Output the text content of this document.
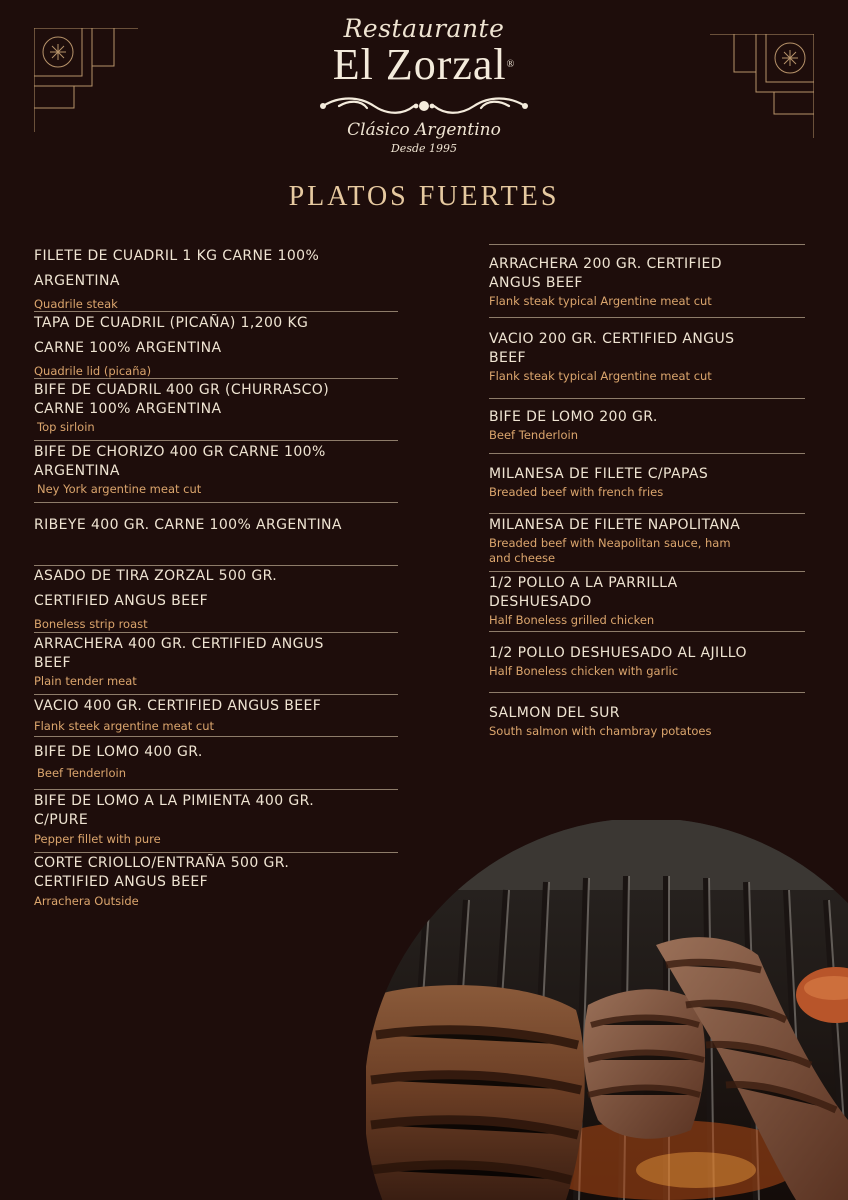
Restaurante
El Zorzal®
Clásico Argentino
Desde 1995
PLATOS FUERTES
FILETE DE CUADRIL 1 KG CARNE 100%
ARGENTINA
Quadrile steak
TAPA DE CUADRIL (PICAÑA) 1,200 KG
CARNE 100% ARGENTINA
Quadrile lid (picaña)
BIFE DE CUADRIL 400 GR (CHURRASCO)
CARNE 100% ARGENTINA
Top sirloin
BIFE DE CHORIZO 400 GR CARNE 100%
ARGENTINA
Ney York argentine meat cut
RIBEYE 400 GR. CARNE 100% ARGENTINA
ASADO DE TIRA ZORZAL 500 GR.
CERTIFIED ANGUS BEEF
Boneless strip roast
ARRACHERA 400 GR. CERTIFIED ANGUS
BEEF
Plain tender meat
VACIO 400 GR. CERTIFIED ANGUS BEEF
Flank steek argentine meat cut
BIFE DE LOMO 400 GR.
Beef Tenderloin
BIFE DE LOMO A LA PIMIENTA 400 GR.
C/PURE
Pepper fillet with pure
CORTE CRIOLLO/ENTRAÑA 500 GR.
CERTIFIED ANGUS BEEF
Arrachera Outside
ARRACHERA 200 GR. CERTIFIED
ANGUS BEEF
Flank steak typical Argentine meat cut
VACIO 200 GR. CERTIFIED ANGUS
BEEF
Flank steak typical Argentine meat cut
BIFE DE LOMO 200 GR.
Beef Tenderloin
MILANESA DE FILETE C/PAPAS
Breaded beef with french fries
MILANESA DE FILETE NAPOLITANA
Breaded beef with Neapolitan sauce, ham
and cheese
1/2 POLLO A LA PARRILLA
DESHUESADO
Half Boneless grilled chicken
1/2 POLLO DESHUESADO AL AJILLO
Half Boneless chicken with garlic
SALMON DEL SUR
South salmon with chambray potatoes
